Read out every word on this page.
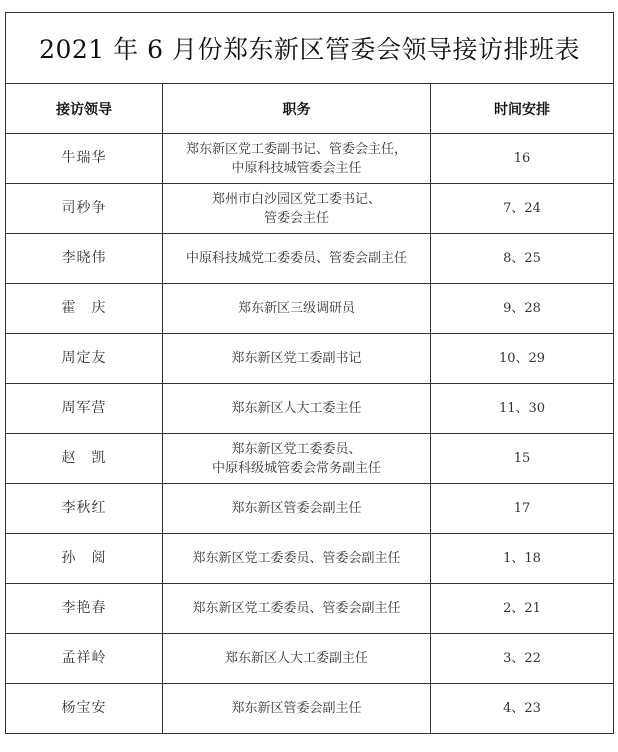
2021 年 6 月份郑东新区管委会领导接访排班表		
接访领导	职务	时间安排
牛瑞华	郑东新区党工委副书记、管委会主任，
中原科技城管委会主任	16
司秒争	郑州市白沙园区党工委书记、
管委会主任	7、24
李晓伟	中原科技城党工委委员、管委会副主任	8、25
霍　庆	郑东新区三级调研员	9、28
周定友	郑东新区党工委副书记	10、29
周军营	郑东新区人大工委主任	11、30
赵　凯	郑东新区党工委委员、
中原科级城管委会常务副主任	15
李秋红	郑东新区管委会副主任	17
孙　阅	郑东新区党工委委员、管委会副主任	1、18
李艳春	郑东新区党工委委员、管委会副主任	2、21
孟祥岭	郑东新区人大工委副主任	3、22
杨宝安	郑东新区管委会副主任	4、23
